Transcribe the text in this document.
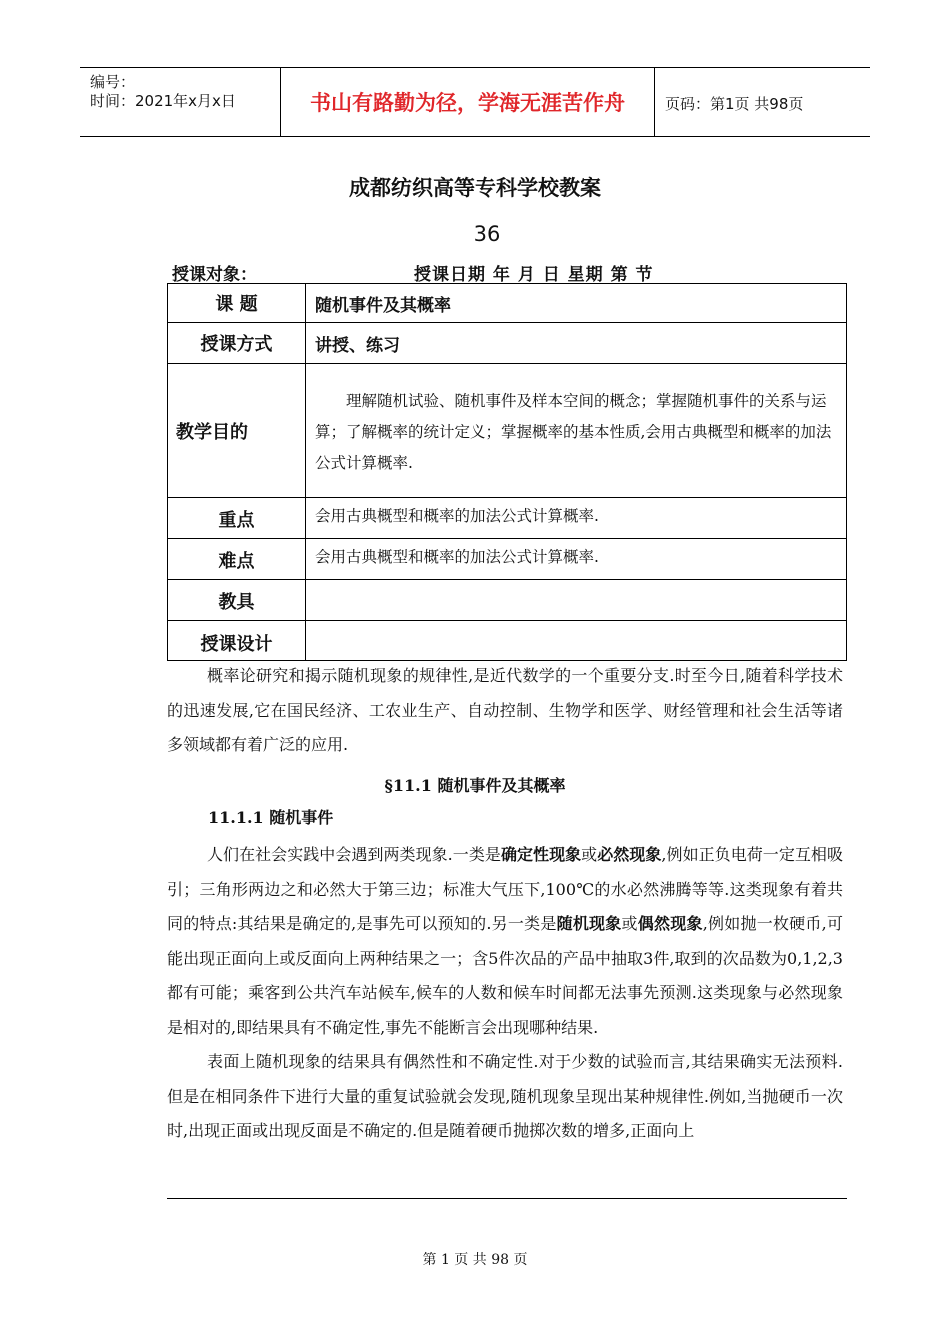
编号：
时间：2021年x月x日	书山有路勤为径，学海无涯苦作舟	页码：第1页 共98页
成都纺织高等专科学校教案
36
授课对象：	授课日期 年 月 日 星期 第 节
课 题	随机事件及其概率
授课方式	讲授、练习
教学目的	理解随机试验、随机事件及样本空间的概念；掌握随机事件的关系与运算；了解概率的统计定义；掌握概率的基本性质,会用古典概型和概率的加法公式计算概率.
重点	会用古典概型和概率的加法公式计算概率.
难点	会用古典概型和概率的加法公式计算概率.
教具	
授课设计	

概率论研究和揭示随机现象的规律性,是近代数学的一个重要分支.时至今日,随着科学技术的迅速发展,它在国民经济、工农业生产、自动控制、生物学和医学、财经管理和社会生活等诸多领域都有着广泛的应用.

§11.1 随机事件及其概率
11.1.1 随机事件

人们在社会实践中会遇到两类现象.一类是确定性现象或必然现象,例如正负电荷一定互相吸引；三角形两边之和必然大于第三边；标准大气压下,100℃的水必然沸腾等等.这类现象有着共同的特点:其结果是确定的,是事先可以预知的.另一类是随机现象或偶然现象,例如抛一枚硬币,可能出现正面向上或反面向上两种结果之一；含5件次品的产品中抽取3件,取到的次品数为0,1,2,3都有可能；乘客到公共汽车站候车,候车的人数和候车时间都无法事先预测.这类现象与必然现象是相对的,即结果具有不确定性,事先不能断言会出现哪种结果.

表面上随机现象的结果具有偶然性和不确定性.对于少数的试验而言,其结果确实无法预料.但是在相同条件下进行大量的重复试验就会发现,随机现象呈现出某种规律性.例如,当抛硬币一次时,出现正面或出现反面是不确定的.但是随着硬币抛掷次数的增多,正面向上

第 1 页 共 98 页
